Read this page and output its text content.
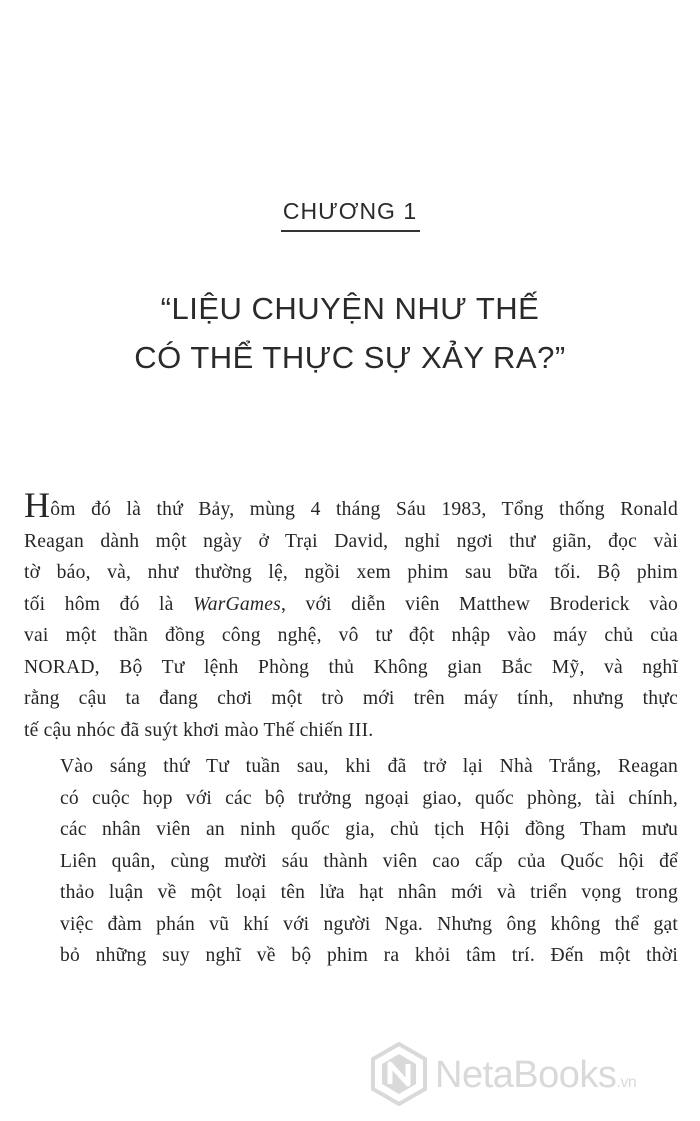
CHƯƠNG 1
“LIỆU CHUYỆN NHƯ THẾ
CÓ THỂ THỰC SỰ XẢY RA?”

Hôm đó là thứ Bảy, mùng 4 tháng Sáu 1983, Tổng thống Ronald
Reagan dành một ngày ở Trại David, nghỉ ngơi thư giãn, đọc vài
tờ báo, và, như thường lệ, ngồi xem phim sau bữa tối. Bộ phim
tối hôm đó là WarGames, với diễn viên Matthew Broderick vào
vai một thần đồng công nghệ, vô tư đột nhập vào máy chủ của
NORAD, Bộ Tư lệnh Phòng thủ Không gian Bắc Mỹ, và nghĩ
rằng cậu ta đang chơi một trò mới trên máy tính, nhưng thực
tế cậu nhóc đã suýt khơi mào Thế chiến III.

Vào sáng thứ Tư tuần sau, khi đã trở lại Nhà Trắng, Reagan
có cuộc họp với các bộ trưởng ngoại giao, quốc phòng, tài chính,
các nhân viên an ninh quốc gia, chủ tịch Hội đồng Tham mưu
Liên quân, cùng mười sáu thành viên cao cấp của Quốc hội để
thảo luận về một loại tên lửa hạt nhân mới và triển vọng trong
việc đàm phán vũ khí với người Nga. Nhưng ông không thể gạt
bỏ những suy nghĩ về bộ phim ra khỏi tâm trí. Đến một thời

NetaBooks.vn
